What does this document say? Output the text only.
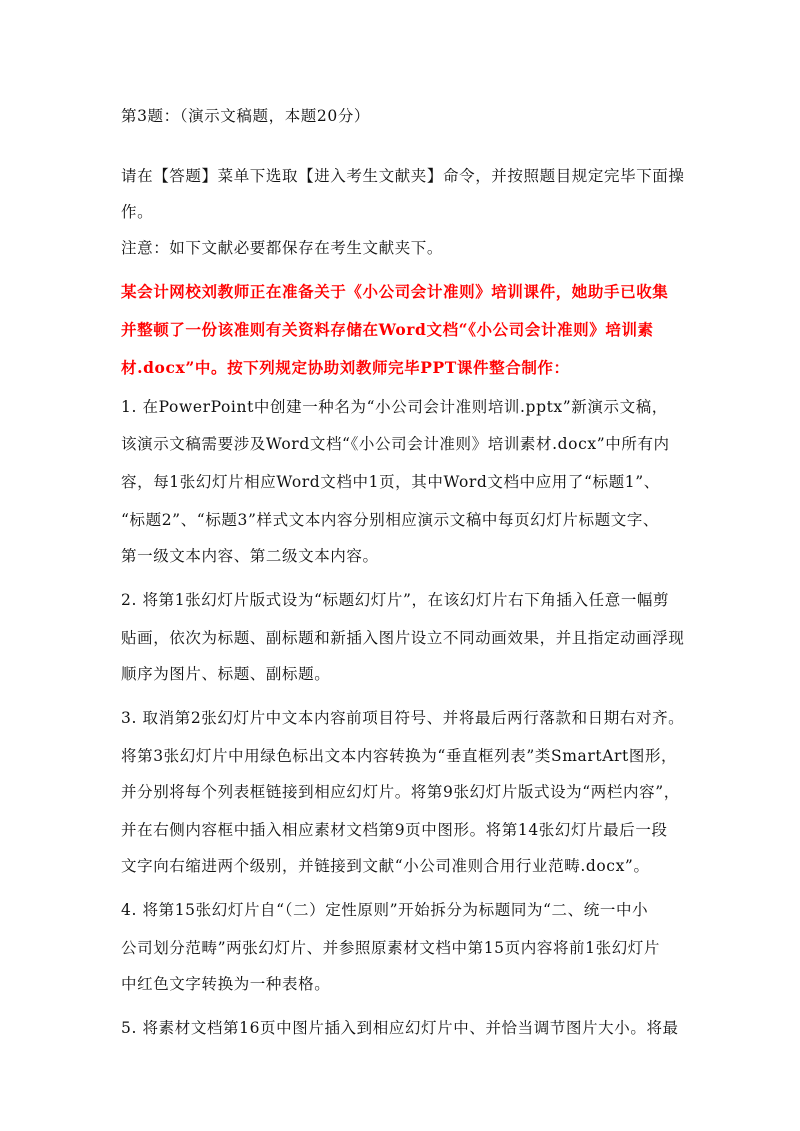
第3题：（演示文稿题，本题20分）
请在【答题】菜单下选取【进入考生文献夹】命令，并按照题目规定完毕下面操
作。
注意：如下文献必要都保存在考生文献夹下。
某会计网校刘教师正在准备关于《小公司会计准则》培训课件，她助手已收集
并整顿了一份该准则有关资料存储在Word文档“《小公司会计准则》培训素
材.docx”中。按下列规定协助刘教师完毕PPT课件整合制作：
1. 在PowerPoint中创建一种名为“小公司会计准则培训.pptx”新演示文稿，
该演示文稿需要涉及Word文档“《小公司会计准则》培训素材.docx”中所有内
容，每1张幻灯片相应Word文档中1页，其中Word文档中应用了“标题1”、
“标题2”、“标题3”样式文本内容分别相应演示文稿中每页幻灯片标题文字、
第一级文本内容、第二级文本内容。
2. 将第1张幻灯片版式设为“标题幻灯片”，在该幻灯片右下角插入任意一幅剪
贴画，依次为标题、副标题和新插入图片设立不同动画效果，并且指定动画浮现
顺序为图片、标题、副标题。
3. 取消第2张幻灯片中文本内容前项目符号、并将最后两行落款和日期右对齐。
将第3张幻灯片中用绿色标出文本内容转换为“垂直框列表”类SmartArt图形，
并分别将每个列表框链接到相应幻灯片。将第9张幻灯片版式设为“两栏内容”，
并在右侧内容框中插入相应素材文档第9页中图形。将第14张幻灯片最后一段
文字向右缩进两个级别，并链接到文献“小公司准则合用行业范畴.docx”。
4. 将第15张幻灯片自“（二）定性原则”开始拆分为标题同为“二、统一中小
公司划分范畴”两张幻灯片、并参照原素材文档中第15页内容将前1张幻灯片
中红色文字转换为一种表格。
5. 将素材文档第16页中图片插入到相应幻灯片中、并恰当调节图片大小。将最
